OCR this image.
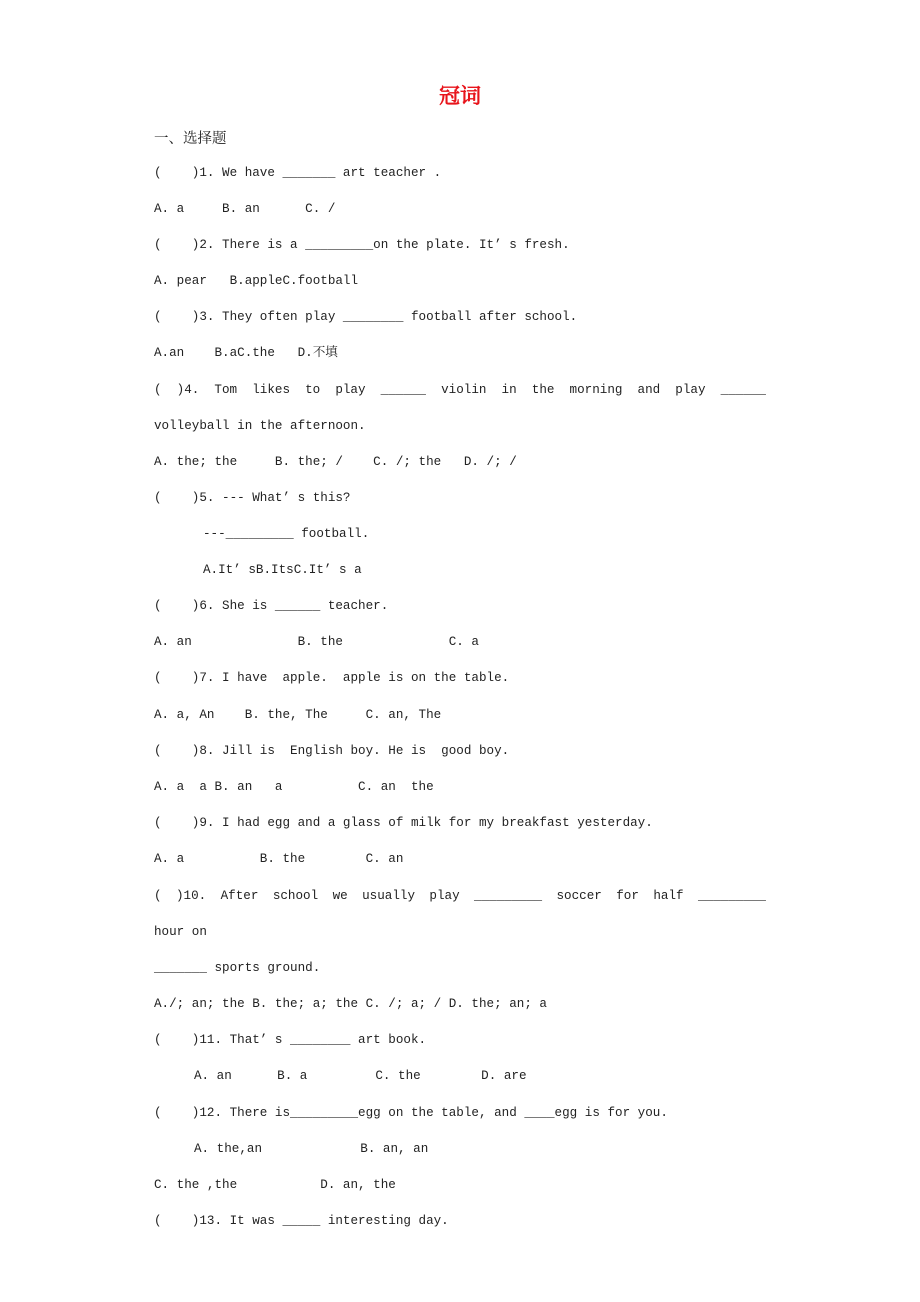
冠词
一、选择题
(    )1. We have _______ art teacher .
A. a     B. an      C. /
(    )2. There is a _________on the plate. It’ s fresh.
A. pear   B.appleC.football
(    )3. They often play ________ football after school.
A.an    B.aC.the   D.不填
( )4. Tom likes to play ______ violin in the morning and play ______
volleyball in the afternoon.
A. the; the     B. the; /    C. /; the   D. /; /
(    )5. --- What’ s this?
---_________ football.
A.It’ sB.ItsC.It’ s a
(    )6. She is ______ teacher.
A. an              B. the              C. a
(    )7. I have  apple.  apple is on the table.
A. a, An    B. the, The     C. an, The
(    )8. Jill is  English boy. He is  good boy.
A. a  a B. an   a          C. an  the
(    )9. I had egg and a glass of milk for my breakfast yesterday.
A. a          B. the        C. an
( )10. After school we usually play _________ soccer for half _________
hour on
_______ sports ground.
A./; an; the B. the; a; the C. /; a; / D. the; an; a
(    )11. That’ s ________ art book.
A. an      B. a         C. the        D. are
(    )12. There is_________egg on the table, and ____egg is for you.
A. the,an             B. an, an
C. the ,the           D. an, the
(    )13. It was _____ interesting day.
